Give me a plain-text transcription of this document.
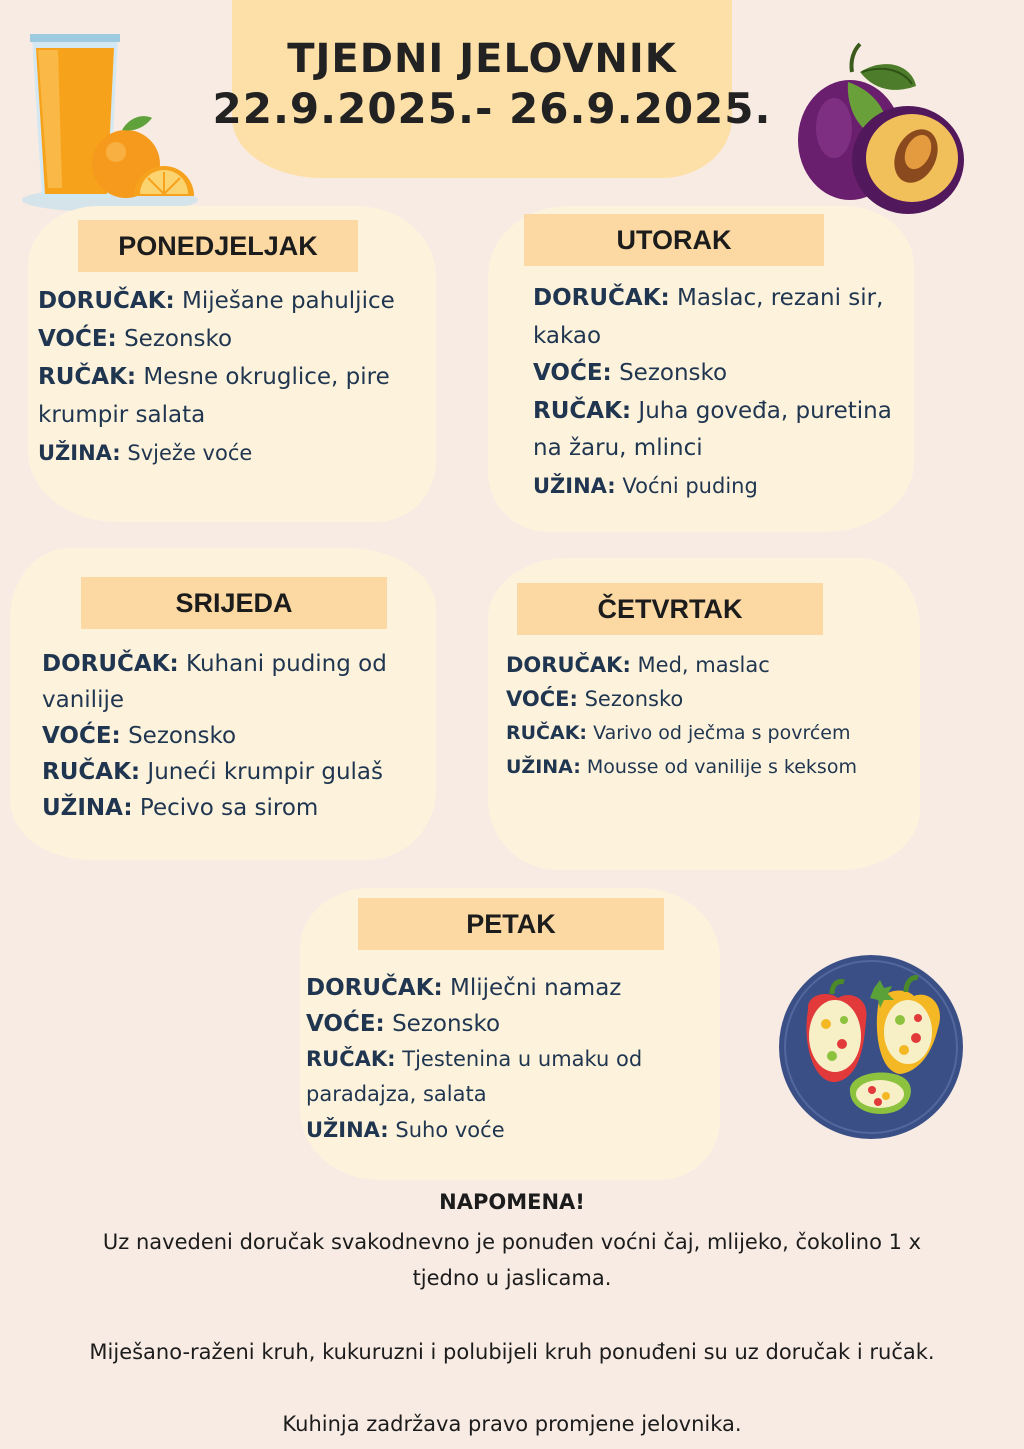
TJEDNI JELOVNIK
22.9.2025.- 26.9.2025.
PONEDJELJAK
DORUČAK: Miješane pahuljice
VOĆE: Sezonsko
RUČAK: Mesne okruglice, pire krumpir salata
UŽINA: Svježe voće
UTORAK
DORUČAK: Maslac, rezani sir, kakao
VOĆE: Sezonsko
RUČAK: Juha goveđa, puretina na žaru, mlinci
UŽINA: Voćni puding
SRIJEDA
DORUČAK: Kuhani puding od vanilije
VOĆE: Sezonsko
RUČAK: Juneći krumpir gulaš
UŽINA: Pecivo sa sirom
ČETVRTAK
DORUČAK: Med, maslac
VOĆE: Sezonsko
RUČAK: Varivo od ječma s povrćem
UŽINA: Mousse od vanilije s keksom
PETAK
DORUČAK: Mliječni namaz
VOĆE: Sezonsko
RUČAK: Tjestenina u umaku od paradajza, salata
UŽINA: Suho voće
NAPOMENA!
Uz navedeni doručak svakodnevno je ponuđen voćni čaj, mlijeko, čokolino 1 x
tjedno u jaslicama.
Miješano-raženi kruh, kukuruzni i polubijeli kruh ponuđeni su uz doručak i ručak.
Kuhinja zadržava pravo promjene jelovnika.
